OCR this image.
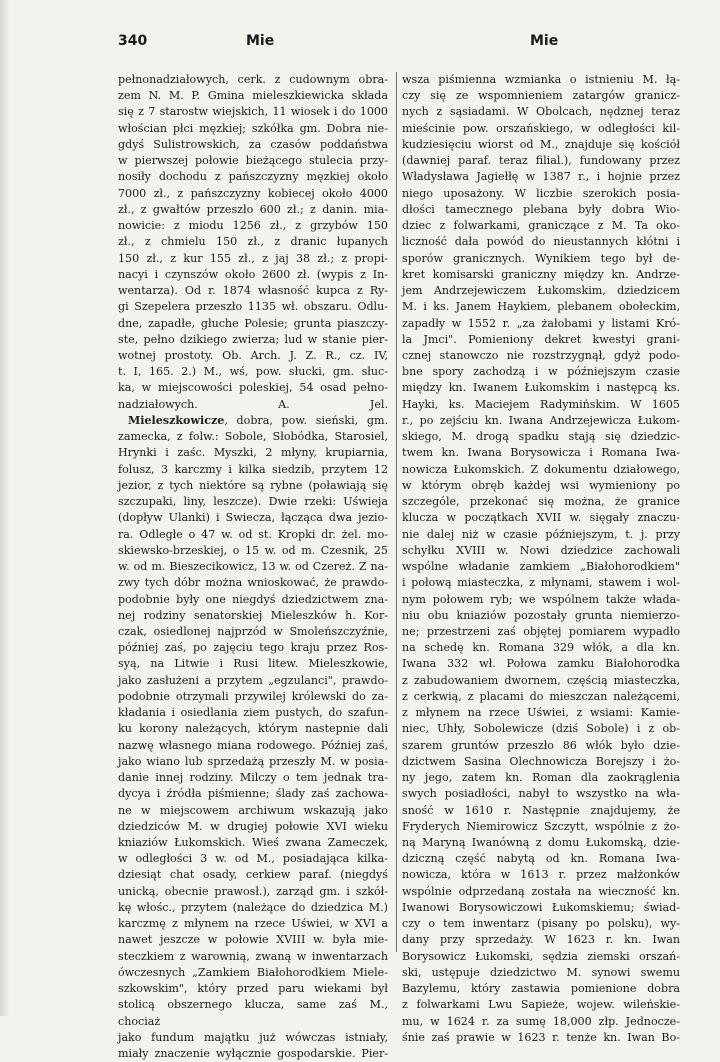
340	Mie	Mie

pełnonadziałowych, cerk. z cudownym obra-

zem N. M. P. Gmina mieleszkiewicka składa

się z 7 starostw wiejskich, 11 wiosek i do 1000

włościan płci męzkiej; szkółka gm. Dobra nie-

gdyś Sulistrowskich, za czasów poddaństwa

w pierwszej połowie bieżącego stulecia przy-

nosiły dochodu z pańszczyzny męzkiej około

7000 zł., z pańszczyzny kobiecej około 4000

zł., z gwałtów przeszło 600 zł.; z danin. mia-

nowicie: z miodu 1256 zł., z grzybów 150

zł., z chmielu 150 zł., z dranic łupanych

150 zł., z kur 155 zł., z jaj 38 zł.; z propi-

nacyi i czynszów około 2600 zł. (wypis z In-

wentarza). Od r. 1874 własność kupca z Ry-

gi Szepelera przeszło 1135 wł. obszaru. Odlu-

dne, zapadłe, głuche Polesie; grunta piaszczy-

ste, pełno dzikiego zwierza; lud w stanie pier-

wotnej prostoty. Ob. Arch. J. Z. R., cz. IV,

t. I, 165. 2.) M., wś, pow. słucki, gm. słuc-

ka, w miejscowości poleskiej, 54 osad pełno-

nadziałowych. A. Jel.

Mieleszkowicze, dobra, pow. sieński, gm.

zamecka, z folw.: Sobole, Słobódka, Starosiel,

Hrynki i zaśc. Myszki, 2 młyny, krupiarnia,

folusz, 3 karczmy i kilka siedzib, przytem 12

jezior, z tych niektóre są rybne (poławiają się

szczupaki, liny, leszcze). Dwie rzeki: Uświeja

(dopływ Ulanki) i Swiecza, łącząca dwa jezio-

ra. Odległe o 47 w. od st. Kropki dr. żel. mo-

skiewsko-brzeskiej, o 15 w. od m. Czesnik, 25

w. od m. Bieszecikowicz, 13 w. od Czereż. Z na-

zwy tych dóbr można wnioskować, że prawdo-

podobnie były one niegdyś dziedzictwem zna-

nej rodziny senatorskiej Mieleszków h. Kor-

czak, osiedlonej najprzód w Smoleńszczyźnie,

później zaś, po zajęciu tego kraju przez Ros-

syą, na Litwie i Rusi litew. Mieleszkowie,

jako zasłużeni a przytem „egzulanci", prawdo-

podobnie otrzymali przywilej królewski do za-

kładania i osiedlania ziem pustych, do szafun-

ku korony należących, którym nastepnie dali

nazwę własnego miana rodowego. Później zaś,

jako wiano lub sprzedażą przeszły M. w posia-

danie innej rodziny. Milczy o tem jednak tra-

dycya i źródła piśmienne; ślady zaś zachowa-

ne w miejscowem archiwum wskazują jako

dziedziców M. w drugiej połowie XVI wieku

kniaziów Łukomskich. Wieś zwana Zameczek,

w odległości 3 w. od M., posiadająca kilka-

dziesiąt chat osady, cerkiew paraf. (niegdyś

unicką, obecnie prawosł.), zarząd gm. i szkół-

kę włośc., przytem (należące do dziedzica M.)

karczmę z młynem na rzece Uświei, w XVI a

nawet jeszcze w połowie XVIII w. była mie-

steczkiem z warownią, zwaną w inwentarzach

ówczesnych „Zamkiem Białohorodkiem Miele-

szkowskim", który przed paru wiekami był

stolicą obszernego klucza, same zaś M., chociaż

jako fundum majątku już wówczas istniały,

miały znaczenie wyłącznie gospodarskie. Pier-

wsza piśmienna wzmianka o istnieniu M. łą-

czy się ze wspomnieniem zatargów granicz-

nych z sąsiadami. W Obolcach, nędznej teraz

mieścinie pow. orszańskiego, w odległości kil-

kudziesięciu wiorst od M., znajduje się kościół

(dawniej paraf. teraz filial.), fundowany przez

Władysława Jagiełłę w 1387 r., i hojnie przez

niego uposażony. W liczbie szerokich posia-

dłości tamecznego plebana były dobra Wio-

dziec z folwarkami, graniczące z M. Ta oko-

liczność dała powód do nieustannych kłótni i

sporów granicznych. Wynikiem tego był de-

kret komisarski graniczny między kn. Andrze-

jem Andrzejewiczem Łukomskim, dziedzicem

M. i ks. Janem Haykiem, plebanem obołeckim,

zapadły w 1552 r. „za żałobami y listami Kró-

la Jmci". Pomieniony dekret kwestyi grani-

cznej stanowczo nie rozstrzygnął, gdyż podo-

bne spory zachodzą i w późniejszym czasie

między kn. Iwanem Łukomskim i następcą ks.

Hayki, ks. Maciejem Radymińskim. W 1605

r., po zejściu kn. Iwana Andrzejewicza Łukom-

skiego, M. drogą spadku stają się dziedzic-

twem kn. Iwana Borysowicza i Romana Iwa-

nowicza Łukomskich. Z dokumentu działowego,

w którym obręb każdej wsi wymieniony po

szczególe, przekonać się można, że granice

klucza w początkach XVII w. sięgały znaczu-

nie dalej niż w czasie późniejszym, t. j. przy

schyłku XVIII w. Nowi dziedzice zachowali

wspólne władanie zamkiem „Białohorodkiem"

i połową miasteczka, z młynami, stawem i wol-

nym połowem ryb; we wspólnem także włada-

niu obu kniaziów pozostały grunta niemierzo-

ne; przestrzeni zaś objętej pomiarem wypadło

na schedę kn. Romana 329 włók, a dla kn.

Iwana 332 wł. Połowa zamku Białohorodka

z zabudowaniem dwornem, częścią miasteczka,

z cerkwią, z placami do mieszczan należącemi,

z młynem na rzece Uświei, z wsiami: Kamie-

niec, Uhły, Sobolewicze (dziś Sobole) i z ob-

szarem gruntów przeszło 86 włók było dzie-

dzictwem Sasina Olechnowicza Borejszy i żo-

ny jego, zatem kn. Roman dla zaokrąglenia

swych posiadłości, nabył to wszystko na wła-

sność w 1610 r. Następnie znajdujemy, że

Fryderych Niemirowicz Szczytt, wspólnie z żo-

ną Maryną Iwanówną z domu Łukomską, dzie-

dziczną część nabytą od kn. Romana Iwa-

nowicza, która w 1613 r. przez małżonków

wspólnie odprzedaną została na wieczność kn.

Iwanowi Borysowiczowi Łukomskiemu; świad-

czy o tem inwentarz (pisany po polsku), wy-

dany przy sprzedaży. W 1623 r. kn. Iwan

Borysowicz Łukomski, sędzia ziemski orszań-

ski, ustępuje dziedzictwo M. synowi swemu

Bazylemu, który zastawia pomienione dobra

z folwarkami Lwu Sapieże, wojew. wileńskie-

mu, w 1624 r. za sumę 18,000 złp. Jednocze-

śnie zaś prawie w 1623 r. tenże kn. Iwan Bo-
